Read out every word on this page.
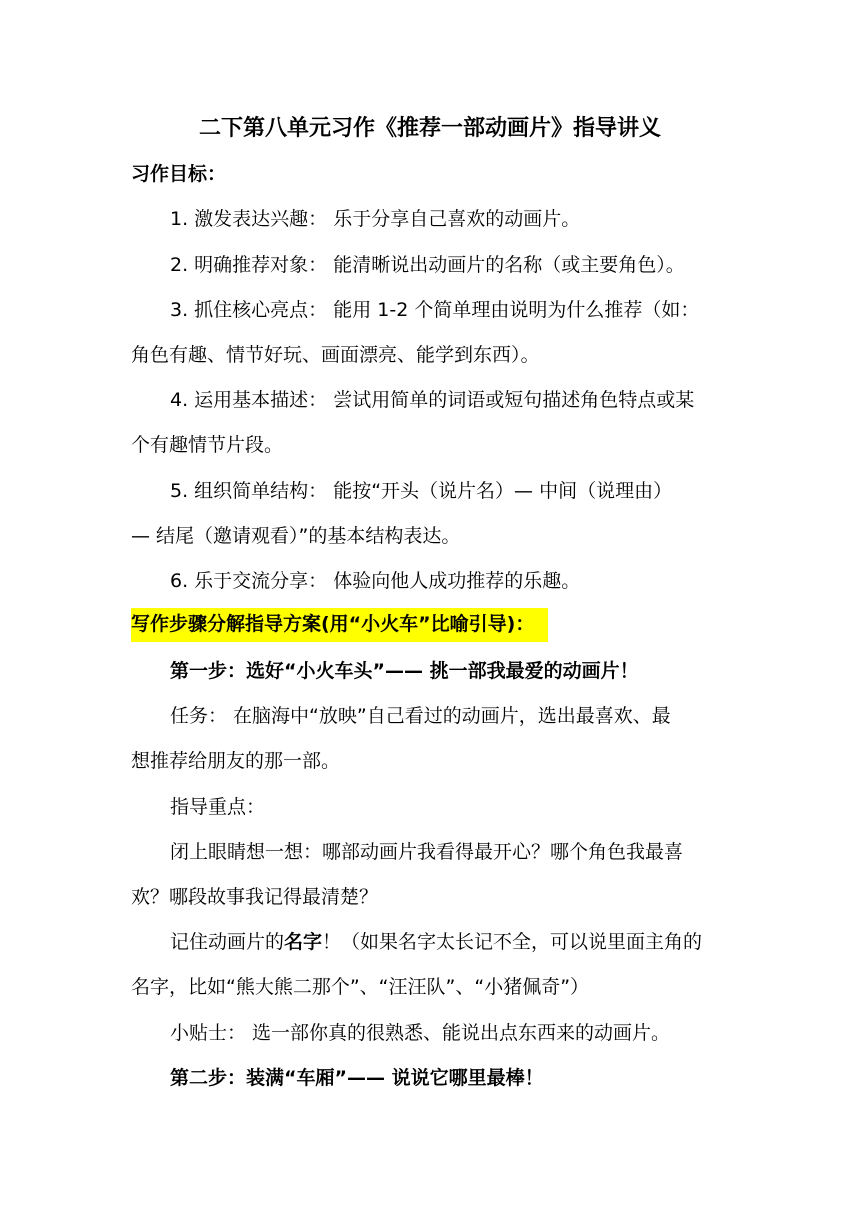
二下第八单元习作《推荐一部动画片》指导讲义
习作目标：
1. 激发表达兴趣： 乐于分享自己喜欢的动画片。
2. 明确推荐对象： 能清晰说出动画片的名称（或主要角色）。
3. 抓住核心亮点： 能用 1-2 个简单理由说明为什么推荐（如：
角色有趣、情节好玩、画面漂亮、能学到东西）。
4. 运用基本描述： 尝试用简单的词语或短句描述角色特点或某
个有趣情节片段。
5. 组织简单结构： 能按“开头（说片名）— 中间（说理由）
— 结尾（邀请观看）”的基本结构表达。
6. 乐于交流分享： 体验向他人成功推荐的乐趣。
写作步骤分解指导方案(用“小火车”比喻引导)：
第一步：选好“小火车头”—— 挑一部我最爱的动画片！
任务： 在脑海中“放映”自己看过的动画片，选出最喜欢、最
想推荐给朋友的那一部。
指导重点：
闭上眼睛想一想：哪部动画片我看得最开心？哪个角色我最喜
欢？哪段故事我记得最清楚？
记住动画片的名字！（如果名字太长记不全，可以说里面主角的
名字，比如“熊大熊二那个”、“汪汪队”、“小猪佩奇”）
小贴士： 选一部你真的很熟悉、能说出点东西来的动画片。
第二步：装满“车厢”—— 说说它哪里最棒！
